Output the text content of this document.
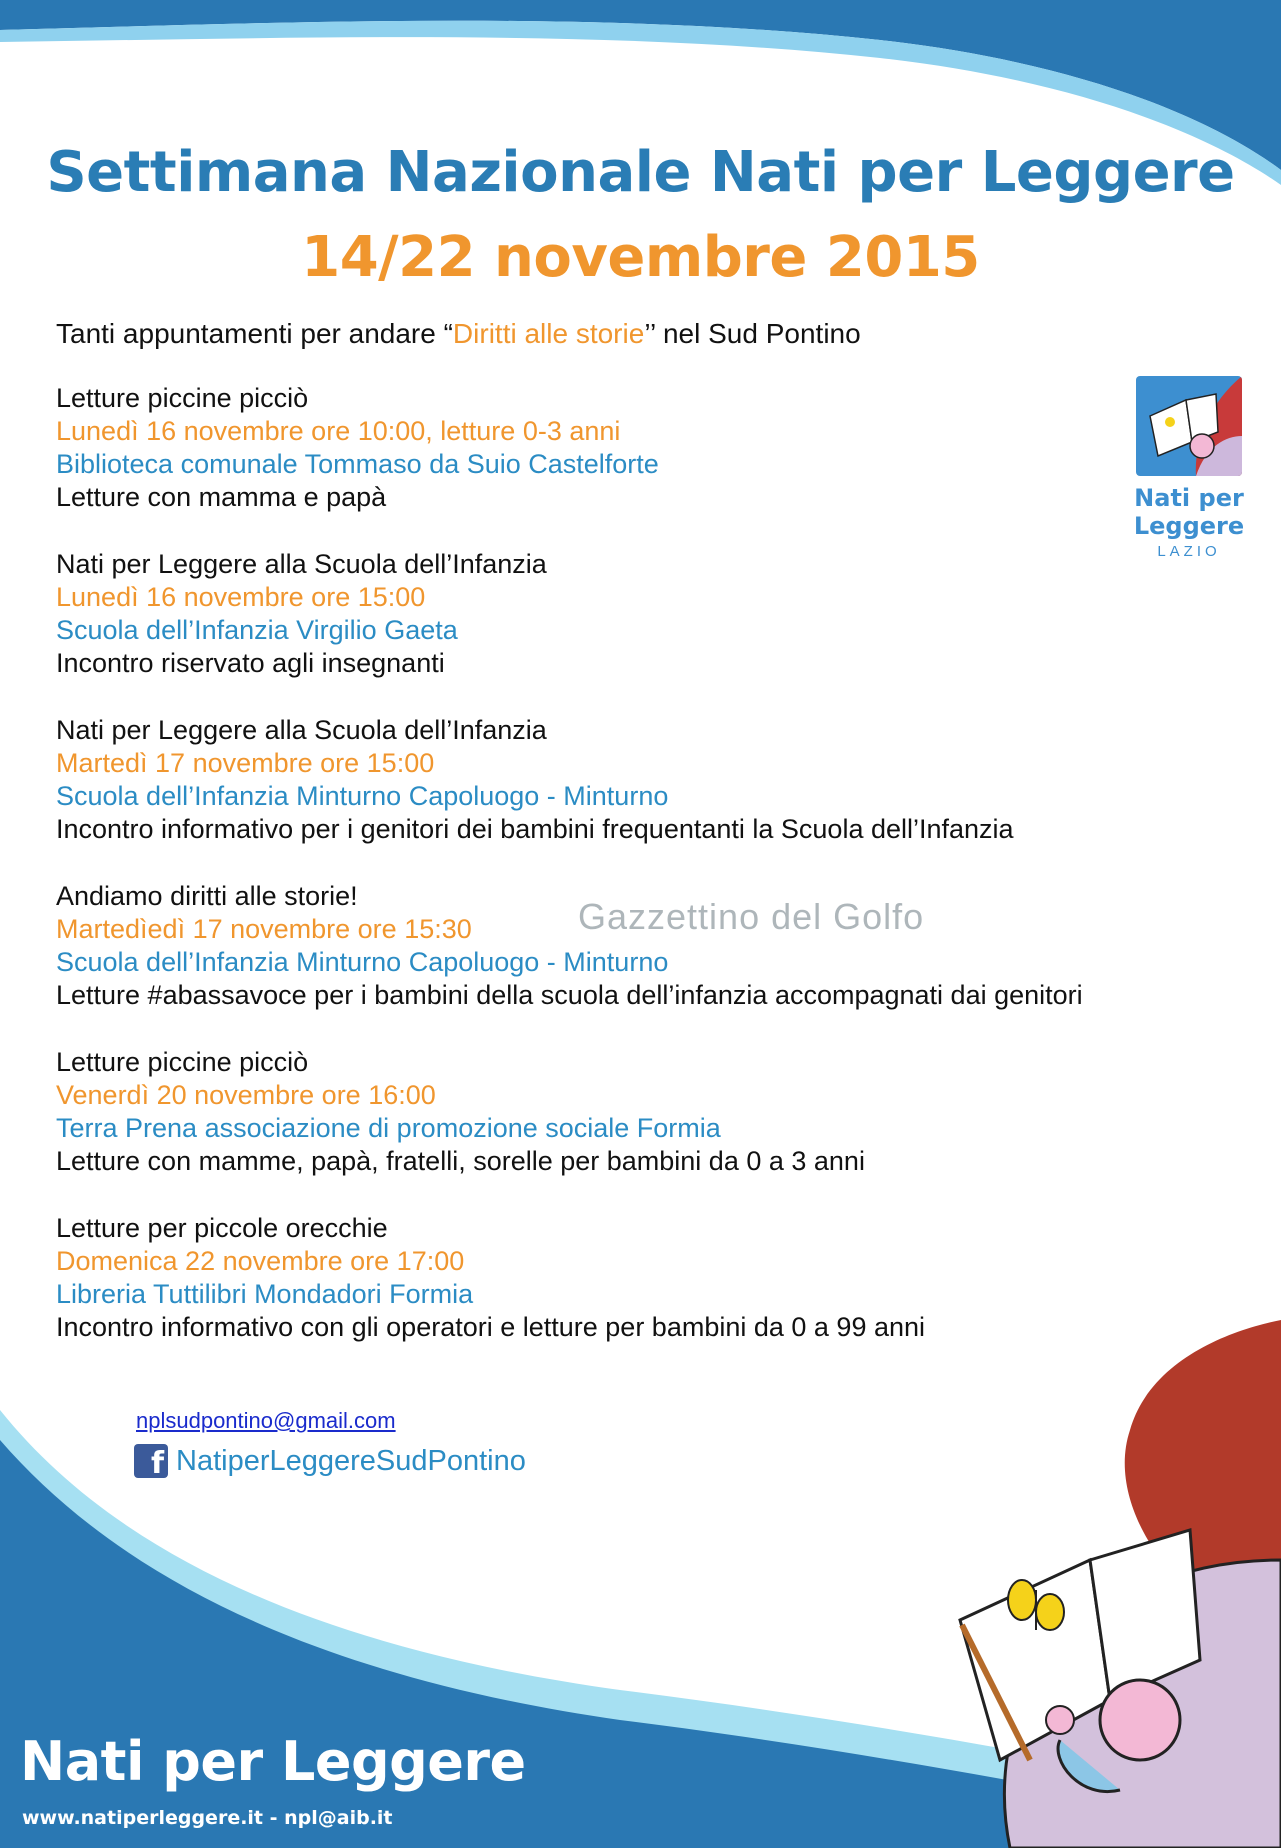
Settimana Nazionale Nati per Leggere
14/22 novembre 2015
Tanti appuntamenti per andare “Diritti alle storie’’ nel Sud Pontino
Letture piccine picciò
Lunedì 16 novembre ore 10:00, letture 0-3 anni
Biblioteca comunale Tommaso da Suio Castelforte
Letture con mamma e papà
Nati per Leggere alla Scuola dell’Infanzia
Lunedì 16 novembre ore 15:00
Scuola dell’Infanzia Virgilio Gaeta
Incontro riservato agli insegnanti
Nati per Leggere alla Scuola dell’Infanzia
Martedì 17 novembre ore 15:00
Scuola dell’Infanzia Minturno Capoluogo - Minturno
Incontro informativo per i genitori dei bambini frequentanti la Scuola dell’Infanzia
Andiamo diritti alle storie!
Martedìedì 17 novembre ore 15:30
Scuola dell’Infanzia Minturno Capoluogo - Minturno
Letture #abassavoce per i bambini della scuola dell’infanzia accompagnati dai genitori
Letture piccine picciò
Venerdì 20 novembre ore 16:00
Terra Prena associazione di promozione sociale Formia
Letture con mamme, papà, fratelli, sorelle per bambini da 0 a 3 anni
Letture per piccole orecchie
Domenica 22 novembre ore 17:00
Libreria Tuttilibri Mondadori Formia
Incontro informativo con gli operatori e letture per bambini da 0 a 99 anni
Gazzettino del Golfo
nplsudpontino@gmail.com
f NatiperLeggereSudPontino
Nati per
Leggere
LAZIO
Nati per Leggere
www.natiperleggere.it - npl@aib.it
